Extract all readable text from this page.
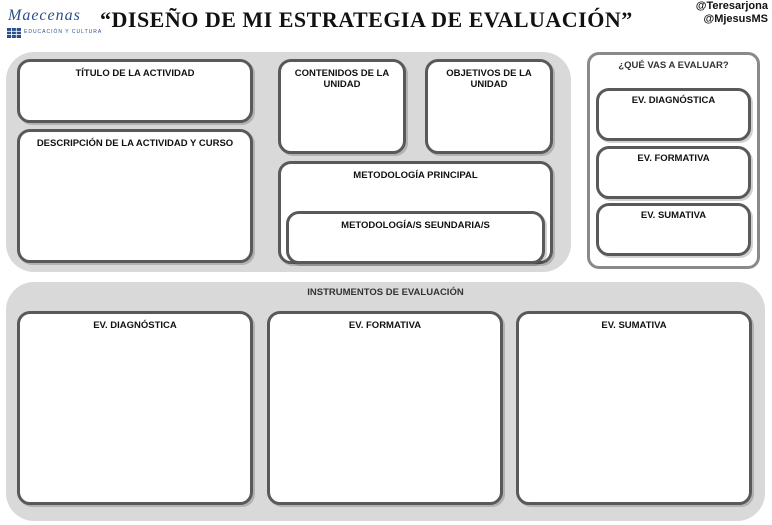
Maecenas
EDUCACIÓN Y CULTURA
“DISEÑO DE MI ESTRATEGIA DE EVALUACIÓN”
@Teresarjona
@MjesusMS
TÍTULO DE LA ACTIVIDAD
DESCRIPCIÓN DE LA ACTIVIDAD Y CURSO
CONTENIDOS DE LA UNIDAD
OBJETIVOS DE LA UNIDAD
METODOLOGÍA PRINCIPAL
METODOLOGÍA/S SEUNDARIA/S
¿QUÉ VAS A EVALUAR?
EV. DIAGNÓSTICA
EV. FORMATIVA
EV. SUMATIVA
INSTRUMENTOS DE EVALUACIÓN
EV. DIAGNÓSTICA	EV. FORMATIVA	EV. SUMATIVA
